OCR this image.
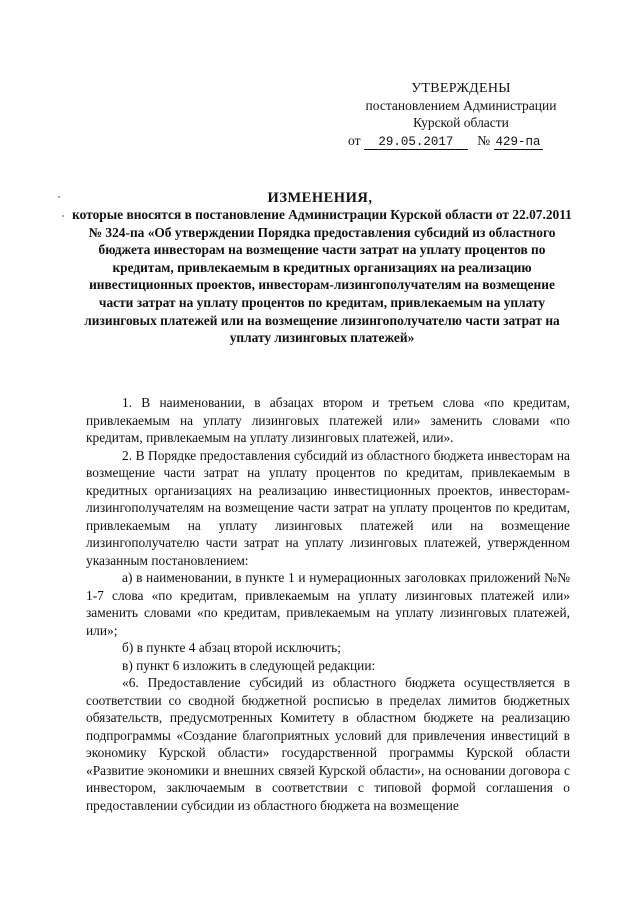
УТВЕРЖДЕНЫ
постановлением Администрации
Курской области
от 29.05.2017 № 429-па
ИЗМЕНЕНИЯ,
которые вносятся в постановление Администрации Курской области от 22.07.2011 № 324-па «Об утверждении Порядка предоставления субсидий из областного бюджета инвесторам на возмещение части затрат на уплату процентов по кредитам, привлекаемым в кредитных организациях на реализацию инвестиционных проектов, инвесторам-лизингополучателям на возмещение части затрат на уплату процентов по кредитам, привлекаемым на уплату лизинговых платежей или на возмещение лизингополучателю части затрат на уплату лизинговых платежей»

1. В наименовании, в абзацах втором и третьем слова «по кредитам, привлекаемым на уплату лизинговых платежей или» заменить словами «по кредитам, привлекаемым на уплату лизинговых платежей, или».

2. В Порядке предоставления субсидий из областного бюджета инвесторам на возмещение части затрат на уплату процентов по кредитам, привлекаемым в кредитных организациях на реализацию инвестиционных проектов, инвесторам-лизингополучателям на возмещение части затрат на уплату процентов по кредитам, привлекаемым на уплату лизинговых платежей или на возмещение лизингополучателю части затрат на уплату лизинговых платежей, утвержденном указанным постановлением:

а) в наименовании, в пункте 1 и нумерационных заголовках приложений №№ 1-7 слова «по кредитам, привлекаемым на уплату лизинговых платежей или» заменить словами «по кредитам, привлекаемым на уплату лизинговых платежей, или»;

б) в пункте 4 абзац второй исключить;

в) пункт 6 изложить в следующей редакции:

«6. Предоставление субсидий из областного бюджета осуществляется в соответствии со сводной бюджетной росписью в пределах лимитов бюджетных обязательств, предусмотренных Комитету в областном бюджете на реализацию подпрограммы «Создание благоприятных условий для привлечения инвестиций в экономику Курской области» государственной программы Курской области «Развитие экономики и внешних связей Курской области», на основании договора с инвестором, заключаемым в соответствии с типовой формой соглашения о предоставлении субсидии из областного бюджета на возмещение
